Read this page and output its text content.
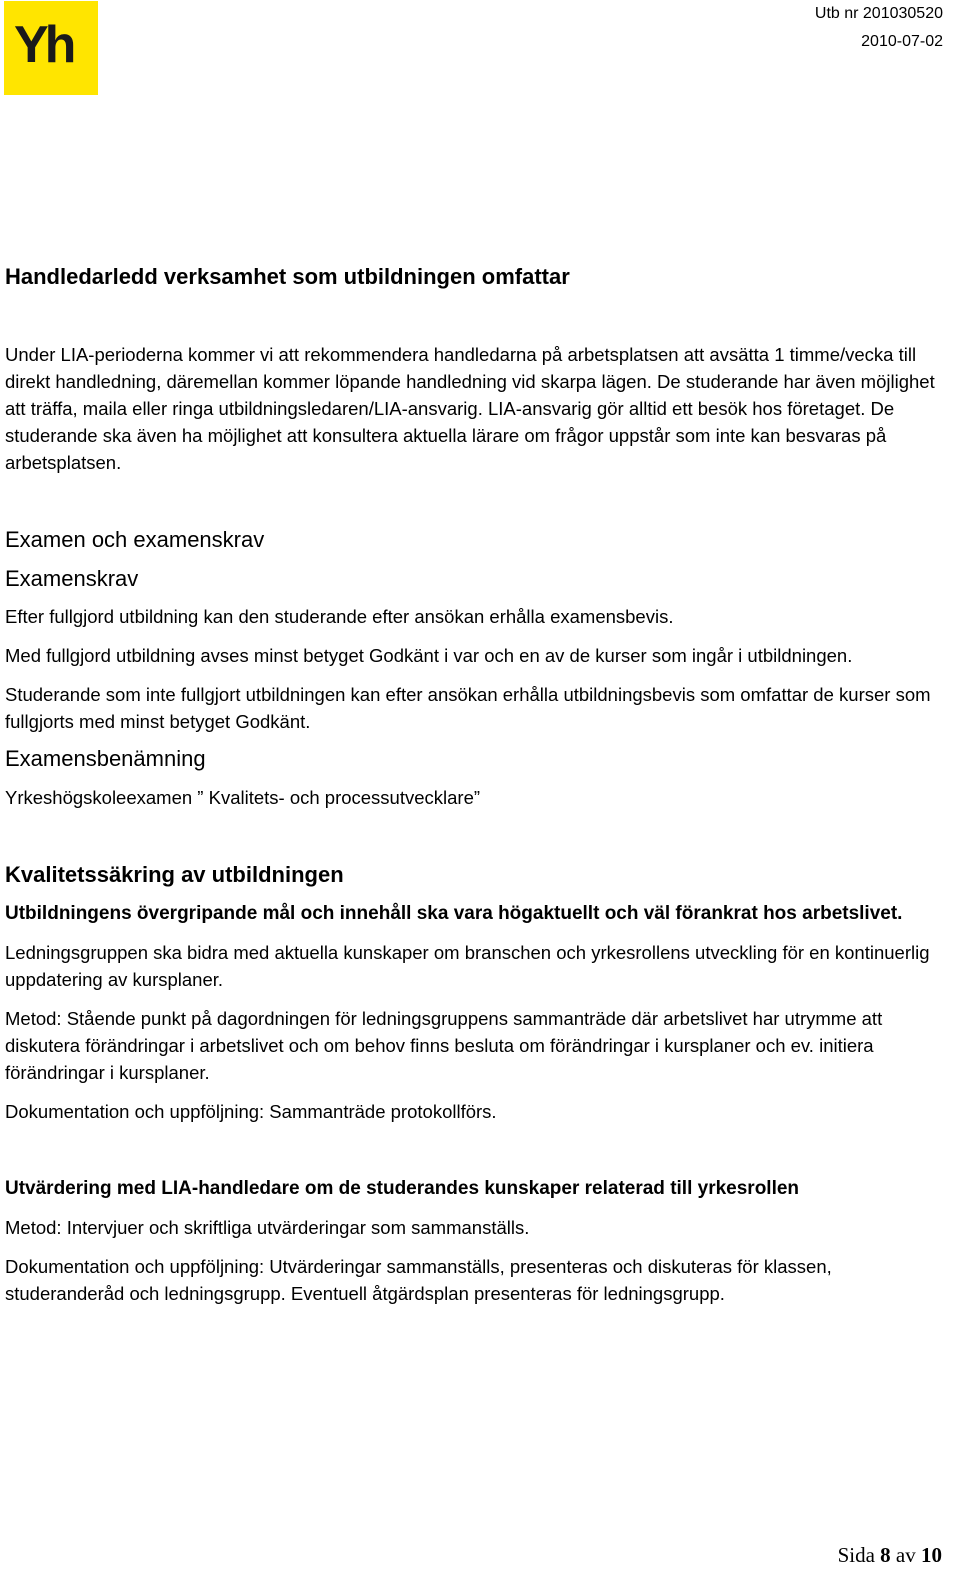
Yh
Utb nr 201030520
2010-07-02
Handledarledd verksamhet som utbildningen omfattar

Under LIA-perioderna kommer vi att rekommendera handledarna på arbetsplatsen att avsätta 1 timme/vecka till direkt handledning, däremellan kommer löpande handledning vid skarpa lägen. De studerande har även möjlighet att träffa, maila eller ringa utbildningsledaren/LIA-ansvarig. LIA-ansvarig gör alltid ett besök hos företaget. De studerande ska även ha möjlighet att konsultera aktuella lärare om frågor uppstår som inte kan besvaras på arbetsplatsen.

Examen och examenskrav
Examenskrav

Efter fullgjord utbildning kan den studerande efter ansökan erhålla examensbevis.

Med fullgjord utbildning avses minst betyget Godkänt i var och en av de kurser som ingår i utbildningen.

Studerande som inte fullgjort utbildningen kan efter ansökan erhålla utbildningsbevis som omfattar de kurser som fullgjorts med minst betyget Godkänt.

Examensbenämning

Yrkeshögskoleexamen ” Kvalitets- och processutvecklare”

Kvalitetssäkring av utbildningen

Utbildningens övergripande mål och innehåll ska vara högaktuellt och väl förankrat hos arbetslivet.

Ledningsgruppen ska bidra med aktuella kunskaper om branschen och yrkesrollens utveckling för en kontinuerlig uppdatering av kursplaner.

Metod: Stående punkt på dagordningen för ledningsgruppens sammanträde där arbetslivet har utrymme att diskutera förändringar i arbetslivet och om behov finns besluta om förändringar i kursplaner och ev. initiera förändringar i kursplaner.

Dokumentation och uppföljning: Sammanträde protokollförs.

Utvärdering med LIA-handledare om de studerandes kunskaper relaterad till yrkesrollen

Metod: Intervjuer och skriftliga utvärderingar som sammanställs.

Dokumentation och uppföljning: Utvärderingar sammanställs, presenteras och diskuteras för klassen, studeranderåd och ledningsgrupp. Eventuell åtgärdsplan presenteras för ledningsgrupp.

Sida 8 av 10
